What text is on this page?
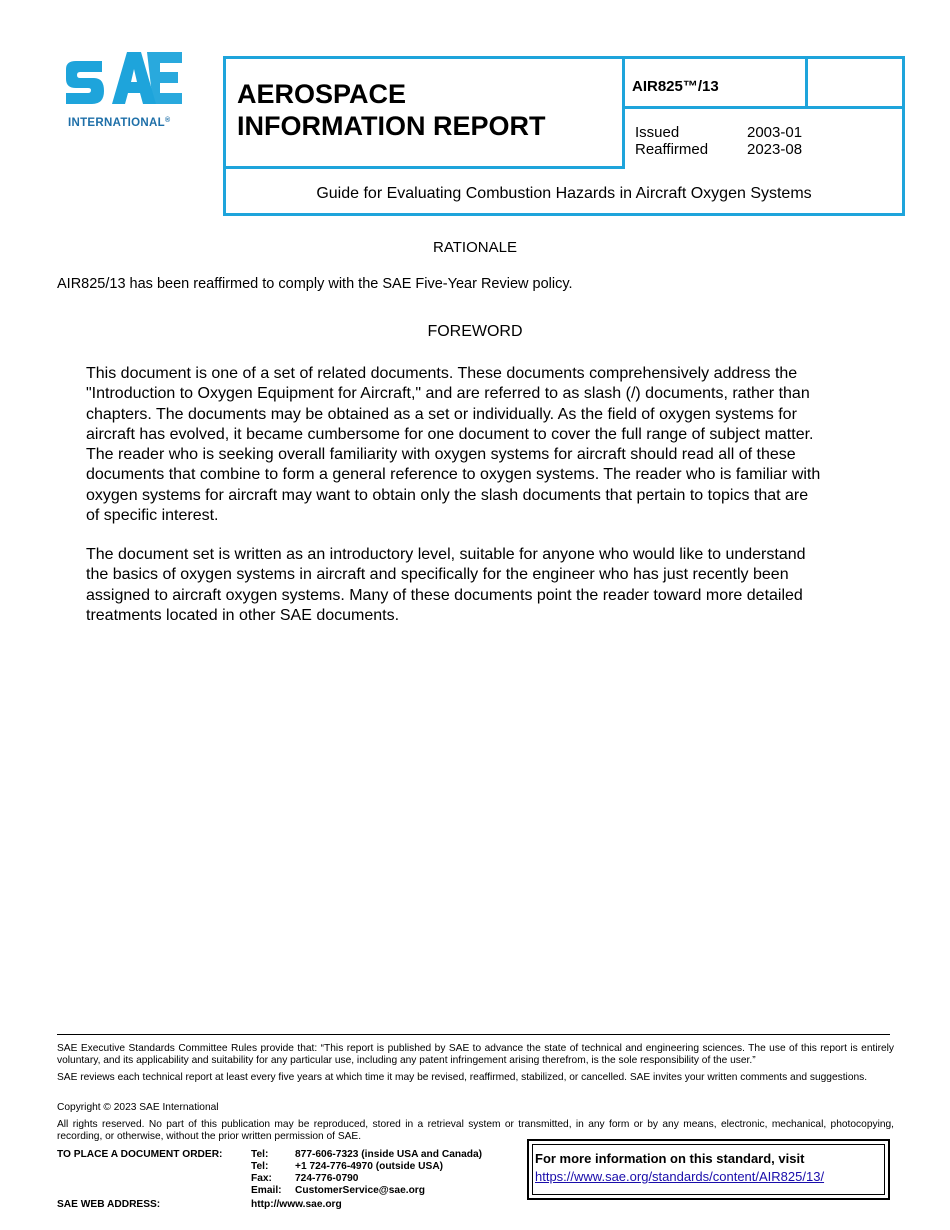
INTERNATIONAL®
AEROSPACE
INFORMATION REPORT
AIR825™/13
Issued	2003-01
Reaffirmed	2023-08
Guide for Evaluating Combustion Hazards in Aircraft Oxygen Systems
RATIONALE
AIR825/13 has been reaffirmed to comply with the SAE Five-Year Review policy.
FOREWORD
This document is one of a set of related documents. These documents comprehensively address the
"Introduction to Oxygen Equipment for Aircraft," and are referred to as slash (/) documents, rather than
chapters. The documents may be obtained as a set or individually. As the field of oxygen systems for
aircraft has evolved, it became cumbersome for one document to cover the full range of subject matter.
The reader who is seeking overall familiarity with oxygen systems for aircraft should read all of these
documents that combine to form a general reference to oxygen systems. The reader who is familiar with
oxygen systems for aircraft may want to obtain only the slash documents that pertain to topics that are
of specific interest.
The document set is written as an introductory level, suitable for anyone who would like to understand
the basics of oxygen systems in aircraft and specifically for the engineer who has just recently been
assigned to aircraft oxygen systems. Many of these documents point the reader toward more detailed
treatments located in other SAE documents.
SAE Executive Standards Committee Rules provide that: “This report is published by SAE to advance the state of technical and engineering sciences. The use of this report is entirely voluntary, and its applicability and suitability for any particular use, including any patent infringement arising therefrom, is the sole responsibility of the user.”
SAE reviews each technical report at least every five years at which time it may be revised, reaffirmed, stabilized, or cancelled. SAE invites your written comments and suggestions.
Copyright © 2023 SAE International
All rights reserved. No part of this publication may be reproduced, stored in a retrieval system or transmitted, in any form or by any means, electronic, mechanical, photocopying, recording, or otherwise, without the prior written permission of SAE.
TO PLACE A DOCUMENT ORDER:	Tel:	877-606-7323 (inside USA and Canada)
Tel:	+1 724-776-4970 (outside USA)
Fax: 724-776-0790
Email: CustomerService@sae.org
SAE WEB ADDRESS:	http://www.sae.org
For more information on this standard, visit
https://www.sae.org/standards/content/AIR825/13/
